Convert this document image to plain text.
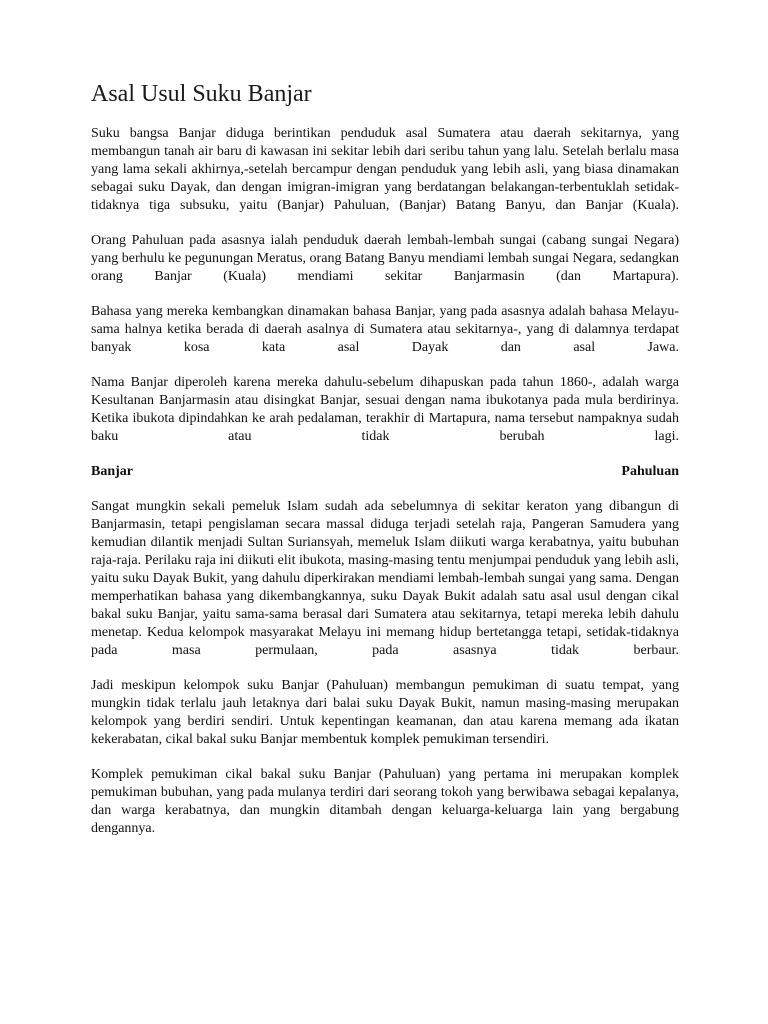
Asal Usul Suku Banjar

Suku bangsa Banjar diduga berintikan penduduk asal Sumatera atau daerah sekitarnya, yang membangun tanah air baru di kawasan ini sekitar lebih dari seribu tahun yang lalu. Setelah berlalu masa yang lama sekali akhirnya,-setelah bercampur dengan penduduk yang lebih asli, yang biasa dinamakan sebagai suku Dayak, dan dengan imigran-imigran yang berdatangan belakangan-terbentuklah setidak-tidaknya tiga subsuku, yaitu (Banjar) Pahuluan, (Banjar) Batang Banyu, dan Banjar (Kuala).

Orang Pahuluan pada asasnya ialah penduduk daerah lembah-lembah sungai (cabang sungai Negara) yang berhulu ke pegunungan Meratus, orang Batang Banyu mendiami lembah sungai Negara, sedangkan orang Banjar (Kuala) mendiami sekitar Banjarmasin (dan Martapura).

Bahasa yang mereka kembangkan dinamakan bahasa Banjar, yang pada asasnya adalah bahasa Melayu-sama halnya ketika berada di daerah asalnya di Sumatera atau sekitarnya-, yang di dalamnya terdapat banyak kosa kata asal Dayak dan asal Jawa.

Nama Banjar diperoleh karena mereka dahulu-sebelum dihapuskan pada tahun 1860-, adalah warga Kesultanan Banjarmasin atau disingkat Banjar, sesuai dengan nama ibukotanya pada mula berdirinya. Ketika ibukota dipindahkan ke arah pedalaman, terakhir di Martapura, nama tersebut nampaknya sudah baku atau tidak berubah lagi.

Banjar	Pahuluan

Sangat mungkin sekali pemeluk Islam sudah ada sebelumnya di sekitar keraton yang dibangun di Banjarmasin, tetapi pengislaman secara massal diduga terjadi setelah raja, Pangeran Samudera yang kemudian dilantik menjadi Sultan Suriansyah, memeluk Islam diikuti warga kerabatnya, yaitu bubuhan raja-raja. Perilaku raja ini diikuti elit ibukota, masing-masing tentu menjumpai penduduk yang lebih asli, yaitu suku Dayak Bukit, yang dahulu diperkirakan mendiami lembah-lembah sungai yang sama. Dengan memperhatikan bahasa yang dikembangkannya, suku Dayak Bukit adalah satu asal usul dengan cikal bakal suku Banjar, yaitu sama-sama berasal dari Sumatera atau sekitarnya, tetapi mereka lebih dahulu menetap. Kedua kelompok masyarakat Melayu ini memang hidup bertetangga tetapi, setidak-tidaknya pada masa permulaan, pada asasnya tidak berbaur.

Jadi meskipun kelompok suku Banjar (Pahuluan) membangun pemukiman di suatu tempat, yang mungkin tidak terlalu jauh letaknya dari balai suku Dayak Bukit, namun masing-masing merupakan kelompok yang berdiri sendiri. Untuk kepentingan keamanan, dan atau karena memang ada ikatan kekerabatan, cikal bakal suku Banjar membentuk komplek pemukiman tersendiri.

Komplek pemukiman cikal bakal suku Banjar (Pahuluan) yang pertama ini merupakan komplek pemukiman bubuhan, yang pada mulanya terdiri dari seorang tokoh yang berwibawa sebagai kepalanya, dan warga kerabatnya, dan mungkin ditambah dengan keluarga-keluarga lain yang bergabung dengannya.
